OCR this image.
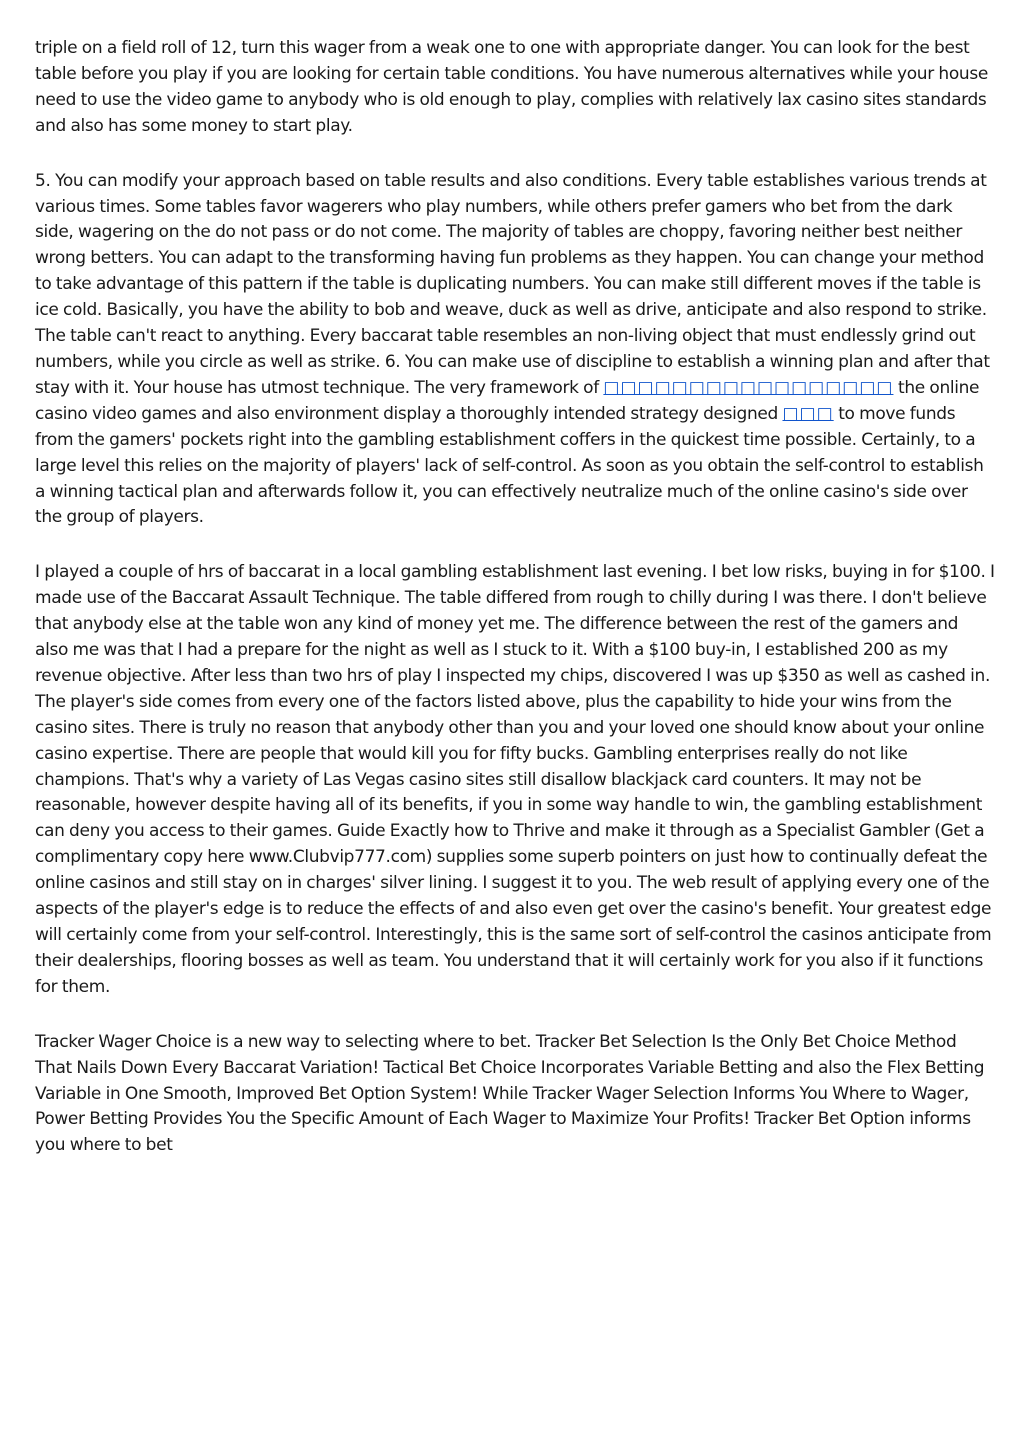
triple on a field roll of 12, turn this wager from a weak one to one with appropriate danger. You can look for the best table before you play if you are looking for certain table conditions. You have numerous alternatives while your house need to use the video game to anybody who is old enough to play, complies with relatively lax casino sites standards and also has some money to start play.

5. You can modify your approach based on table results and also conditions. Every table establishes various trends at various times. Some tables favor wagerers who play numbers, while others prefer gamers who bet from the dark side, wagering on the do not pass or do not come. The majority of tables are choppy, favoring neither best neither wrong betters. You can adapt to the transforming having fun problems as they happen. You can change your method to take advantage of this pattern if the table is duplicating numbers. You can make still different moves if the table is ice cold. Basically, you have the ability to bob and weave, duck as well as drive, anticipate and also respond to strike. The table can't react to anything. Every baccarat table resembles an non-living object that must endlessly grind out numbers, while you circle as well as strike. 6. You can make use of discipline to establish a winning plan and after that stay with it. Your house has utmost technique. The very framework of □□□□□□□□□□□□□□□□□ the online casino video games and also environment display a thoroughly intended strategy designed □□□ to move funds from the gamers' pockets right into the gambling establishment coffers in the quickest time possible. Certainly, to a large level this relies on the majority of players' lack of self-control. As soon as you obtain the self-control to establish a winning tactical plan and afterwards follow it, you can effectively neutralize much of the online casino's side over the group of players.

I played a couple of hrs of baccarat in a local gambling establishment last evening. I bet low risks, buying in for $100. I made use of the Baccarat Assault Technique. The table differed from rough to chilly during I was there. I don't believe that anybody else at the table won any kind of money yet me. The difference between the rest of the gamers and also me was that I had a prepare for the night as well as I stuck to it. With a $100 buy-in, I established 200 as my revenue objective. After less than two hrs of play I inspected my chips, discovered I was up $350 as well as cashed in. The player's side comes from every one of the factors listed above, plus the capability to hide your wins from the casino sites. There is truly no reason that anybody other than you and your loved one should know about your online casino expertise. There are people that would kill you for fifty bucks. Gambling enterprises really do not like champions. That's why a variety of Las Vegas casino sites still disallow blackjack card counters. It may not be reasonable, however despite having all of its benefits, if you in some way handle to win, the gambling establishment can deny you access to their games. Guide Exactly how to Thrive and make it through as a Specialist Gambler (Get a complimentary copy here www.Clubvip777.com) supplies some superb pointers on just how to continually defeat the online casinos and still stay on in charges' silver lining. I suggest it to you. The web result of applying every one of the aspects of the player's edge is to reduce the effects of and also even get over the casino's benefit. Your greatest edge will certainly come from your self-control. Interestingly, this is the same sort of self-control the casinos anticipate from their dealerships, flooring bosses as well as team. You understand that it will certainly work for you also if it functions for them.

Tracker Wager Choice is a new way to selecting where to bet. Tracker Bet Selection Is the Only Bet Choice Method That Nails Down Every Baccarat Variation! Tactical Bet Choice Incorporates Variable Betting and also the Flex Betting Variable in One Smooth, Improved Bet Option System! While Tracker Wager Selection Informs You Where to Wager, Power Betting Provides You the Specific Amount of Each Wager to Maximize Your Profits! Tracker Bet Option informs you where to bet
